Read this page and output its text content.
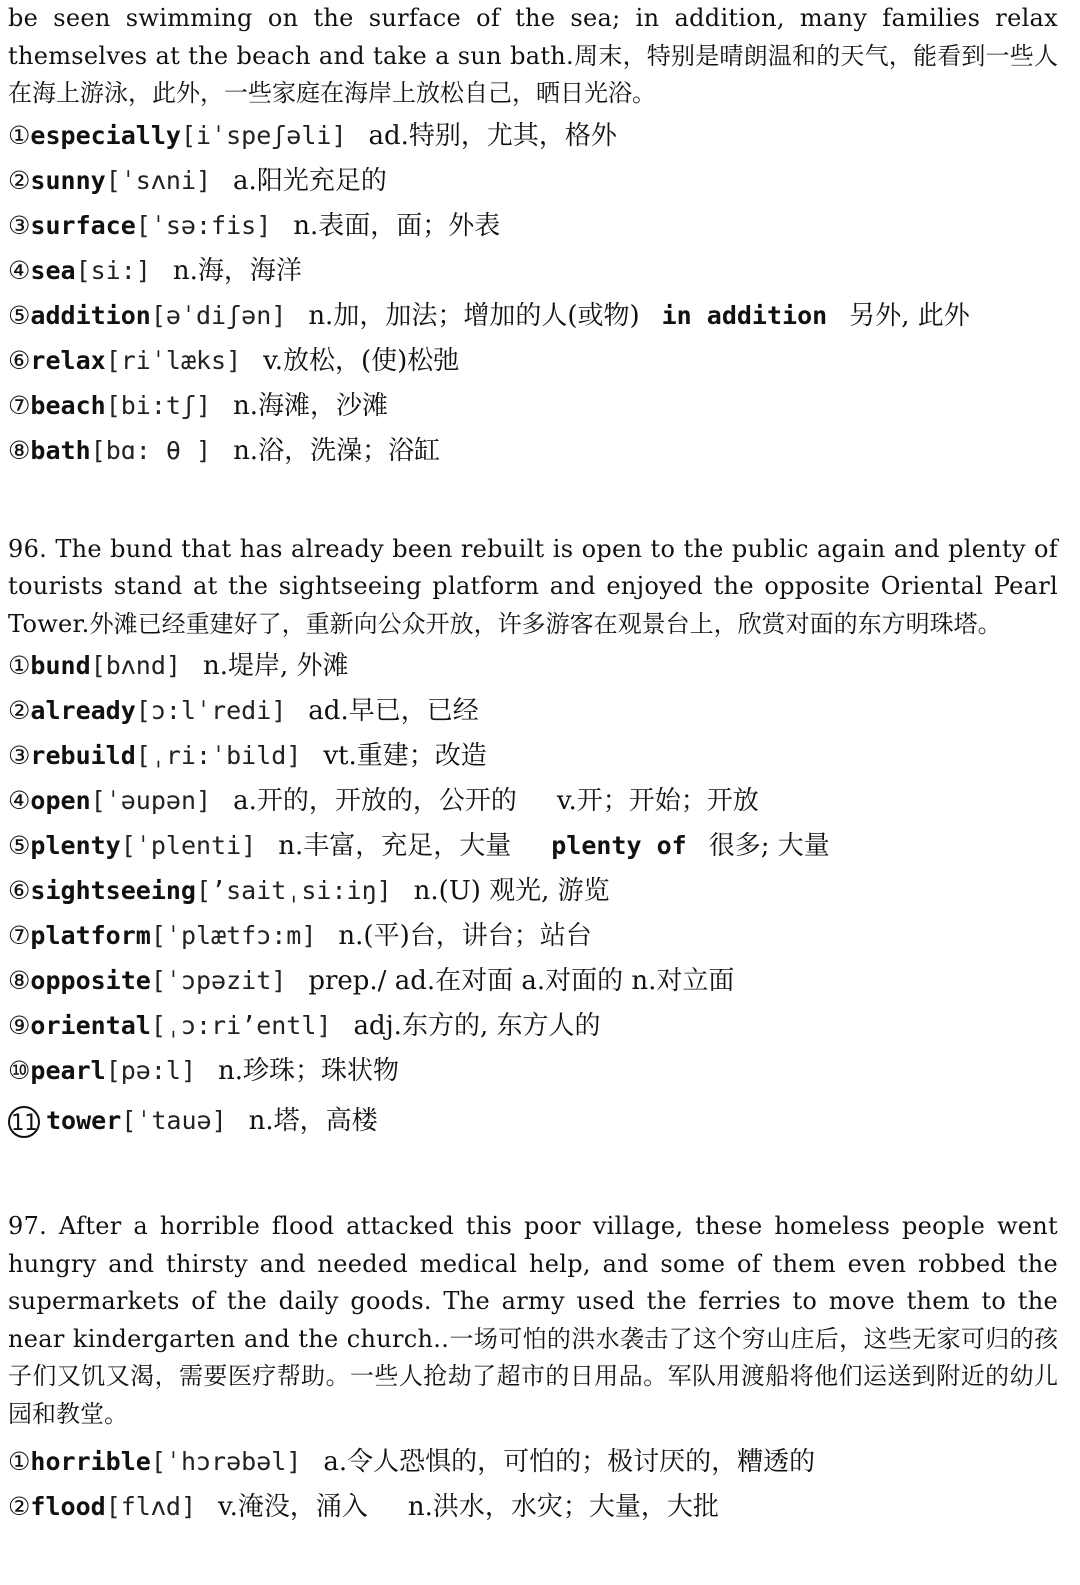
be seen swimming on the surface of the sea; in addition, many families relax themselves at the beach and take a sun bath.周末，特别是晴朗温和的天气，能看到一些人在海上游泳，此外，一些家庭在海岸上放松自己，晒日光浴。

①especially[iˈspeʃəli] ad.特别，尤其，格外
②sunny[ˈsʌni] a.阳光充足的
③surface[ˈsə:fis] n.表面，面；外表
④sea[si:] n.海，海洋
⑤addition[əˈdiʃən] n.加，加法；增加的人(或物) in addition 另外, 此外
⑥relax[riˈlæks] v.放松，(使)松弛
⑦beach[bi:tʃ] n.海滩，沙滩
⑧bath[bɑ: θ ] n.浴，洗澡；浴缸

96. The bund that has already been rebuilt is open to the public again and plenty of tourists stand at the sightseeing platform and enjoyed the opposite Oriental Pearl Tower.外滩已经重建好了，重新向公众开放，许多游客在观景台上，欣赏对面的东方明珠塔。

①bund[bʌnd] n.堤岸, 外滩
②already[ɔ:lˈredi] ad.早已，已经
③rebuild[ˌri:ˈbild] vt.重建；改造
④open[ˈəupən] a.开的，开放的，公开的 v.开；开始；开放
⑤plenty[ˈplenti] n.丰富，充足，大量 plenty of 很多; 大量
⑥sightseeing[’saitˌsi:iŋ] n.(U) 观光, 游览
⑦platform[ˈplætfɔ:m] n.(平)台，讲台；站台
⑧opposite[ˈɔpəzit] prep./ ad.在对面 a.对面的 n.对立面
⑨oriental[ˌɔ:ri’entl] adj.东方的, 东方人的
⑩pearl[pə:l] n.珍珠；珠状物
11 tower[ˈtauə] n.塔，高楼

97. After a horrible flood attacked this poor village, these homeless people went hungry and thirsty and needed medical help, and some of them even robbed the supermarkets of the daily goods. The army used the ferries to move them to the near kindergarten and the church..一场可怕的洪水袭击了这个穷山庄后，这些无家可归的孩子们又饥又渴，需要医疗帮助。一些人抢劫了超市的日用品。军队用渡船将他们运送到附近的幼儿园和教堂。

①horrible[ˈhɔrəbəl] a.令人恐惧的，可怕的；极讨厌的，糟透的
②flood[flʌd] v.淹没，涌入 n.洪水，水灾；大量，大批
